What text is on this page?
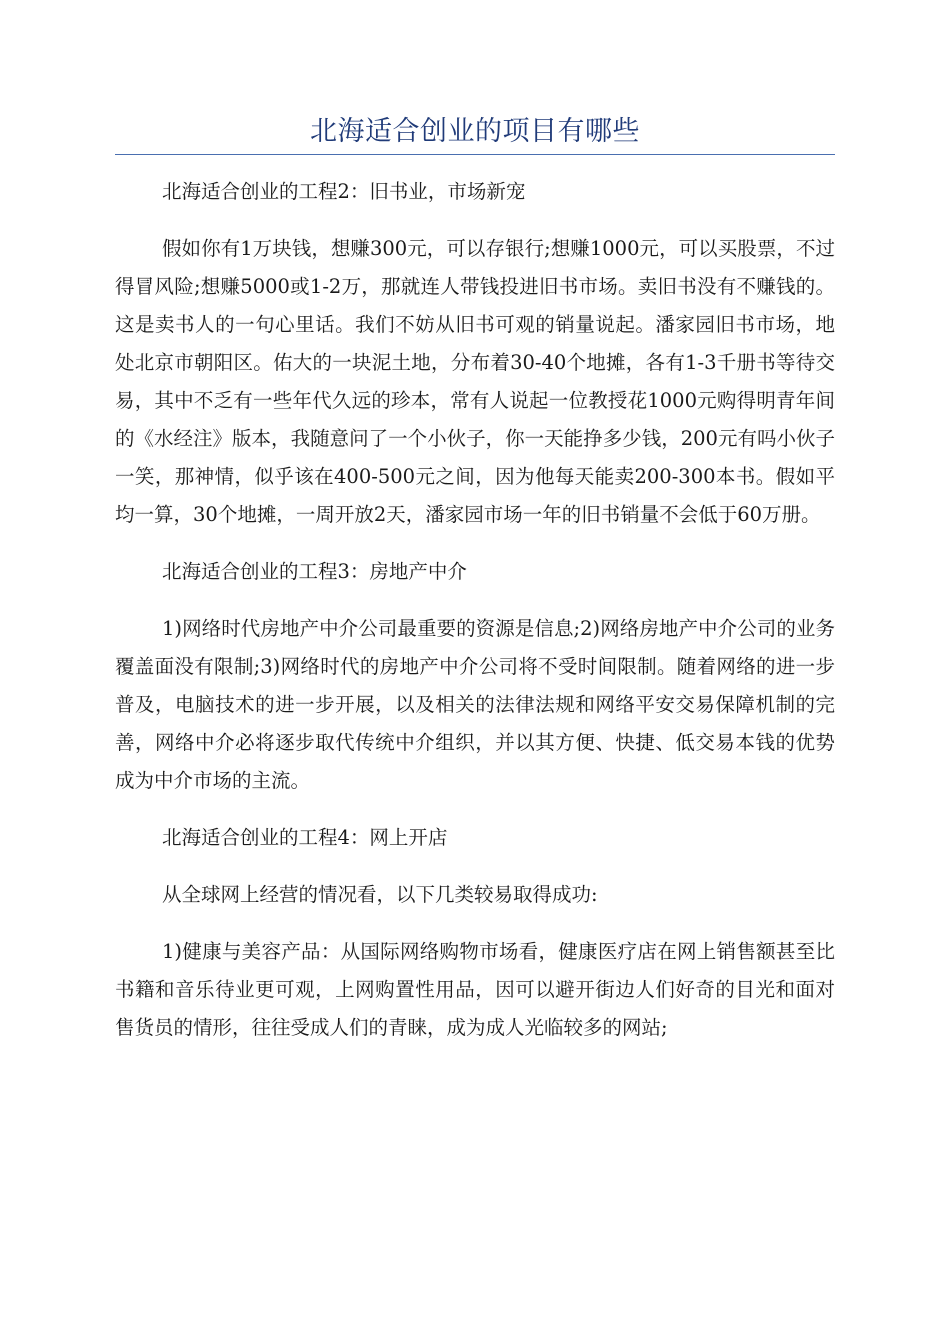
北海适合创业的项目有哪些

北海适合创业的工程2：旧书业，市场新宠

假如你有1万块钱，想赚300元，可以存银行;想赚1000元，可以买股票，不过得冒风险;想赚5000或1-2万，那就连人带钱投进旧书市场。卖旧书没有不赚钱的。这是卖书人的一句心里话。我们不妨从旧书可观的销量说起。潘家园旧书市场，地处北京市朝阳区。佑大的一块泥土地，分布着30-40个地摊，各有1-3千册书等待交易，其中不乏有一些年代久远的珍本，常有人说起一位教授花1000元购得明青年间的《水经注》版本，我随意问了一个小伙子，你一天能挣多少钱，200元有吗小伙子一笑，那神情，似乎该在400-500元之间，因为他每天能卖200-300本书。假如平均一算，30个地摊，一周开放2天，潘家园市场一年的旧书销量不会低于60万册。

北海适合创业的工程3：房地产中介

1)网络时代房地产中介公司最重要的资源是信息;2)网络房地产中介公司的业务覆盖面没有限制;3)网络时代的房地产中介公司将不受时间限制。随着网络的进一步普及，电脑技术的进一步开展，以及相关的法律法规和网络平安交易保障机制的完善，网络中介必将逐步取代传统中介组织，并以其方便、快捷、低交易本钱的优势成为中介市场的主流。

北海适合创业的工程4：网上开店

从全球网上经营的情况看，以下几类较易取得成功:

1)健康与美容产品：从国际网络购物市场看，健康医疗店在网上销售额甚至比书籍和音乐待业更可观，上网购置性用品，因可以避开街边人们好奇的目光和面对售货员的情形，往往受成人们的青睐，成为成人光临较多的网站;
